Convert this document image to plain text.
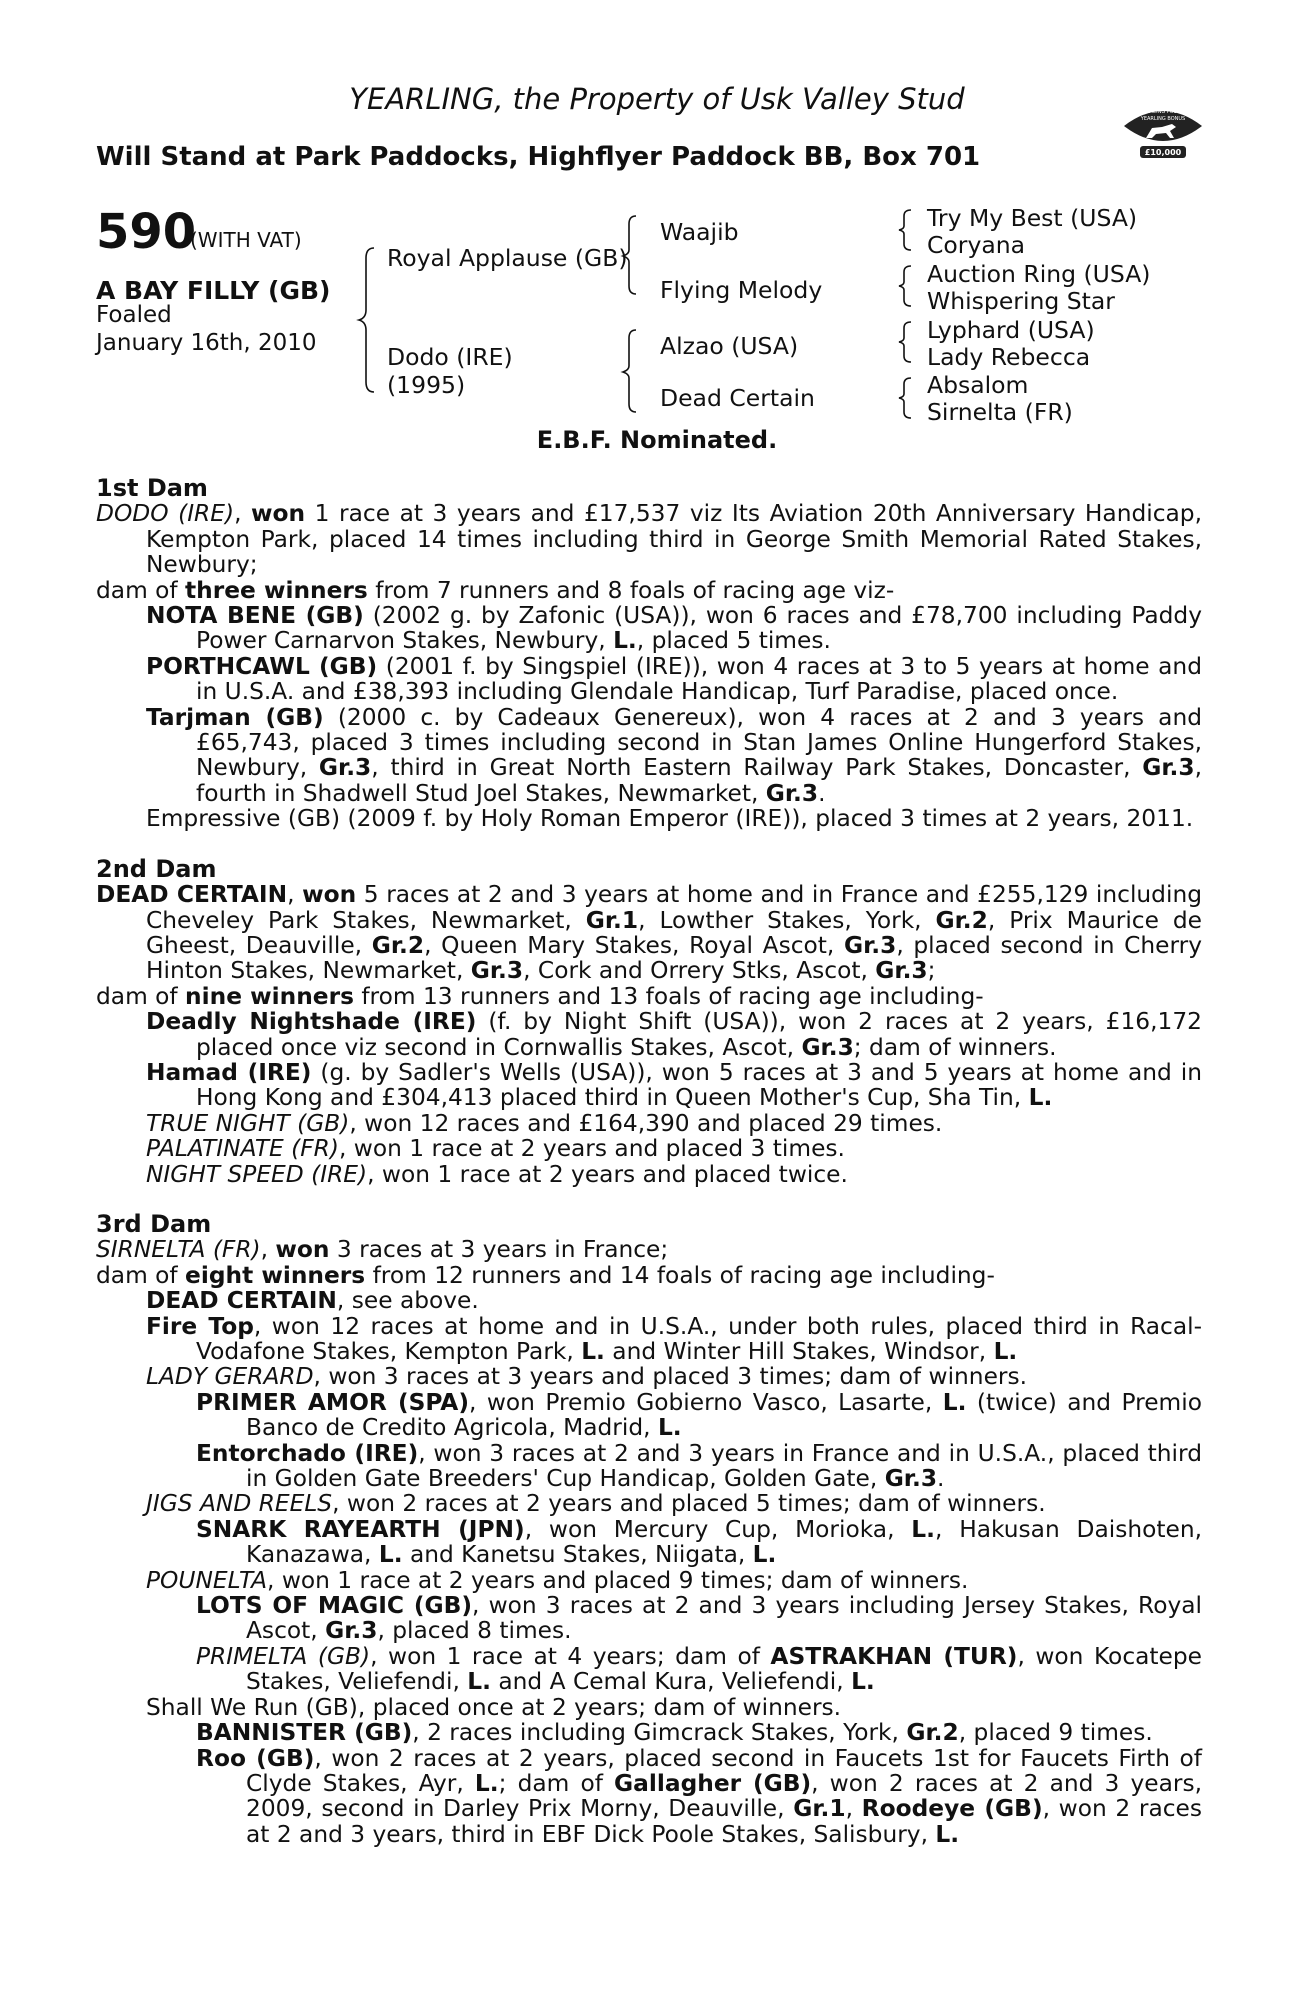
YEARLING, the Property of Usk Valley Stud
Will Stand at Park Paddocks, Highflyer Paddock BB, Box 701
RACING POST
YEARLING BONUS
£10,000
590
(WITH VAT)
A BAY FILLY (GB)
Foaled
January 16th, 2010
Royal Applause (GB)
Dodo (IRE)
(1995)
Waajib
Flying Melody
Alzao (USA)
Dead Certain
Try My Best (USA)
Coryana
Auction Ring (USA)
Whispering Star
Lyphard (USA)
Lady Rebecca
Absalom
Sirnelta (FR)
E.B.F. Nominated.
1st Dam
DODO (IRE), won 1 race at 3 years and £17,537 viz Its Aviation 20th Anniversary Handicap, Kempton Park, placed 14 times including third in George Smith Memorial Rated Stakes, Newbury;
dam of three winners from 7 runners and 8 foals of racing age viz-
NOTA BENE (GB) (2002 g. by Zafonic (USA)), won 6 races and £78,700 including Paddy Power Carnarvon Stakes, Newbury, L., placed 5 times.
PORTHCAWL (GB) (2001 f. by Singspiel (IRE)), won 4 races at 3 to 5 years at home and in U.S.A. and £38,393 including Glendale Handicap, Turf Paradise, placed once.
Tarjman (GB) (2000 c. by Cadeaux Genereux), won 4 races at 2 and 3 years and £65,743, placed 3 times including second in Stan James Online Hungerford Stakes, Newbury, Gr.3, third in Great North Eastern Railway Park Stakes, Doncaster, Gr.3, fourth in Shadwell Stud Joel Stakes, Newmarket, Gr.3.
Empressive (GB) (2009 f. by Holy Roman Emperor (IRE)), placed 3 times at 2 years, 2011.
2nd Dam
DEAD CERTAIN, won 5 races at 2 and 3 years at home and in France and £255,129 including Cheveley Park Stakes, Newmarket, Gr.1, Lowther Stakes, York, Gr.2, Prix Maurice de Gheest, Deauville, Gr.2, Queen Mary Stakes, Royal Ascot, Gr.3, placed second in Cherry Hinton Stakes, Newmarket, Gr.3, Cork and Orrery Stks, Ascot, Gr.3;
dam of nine winners from 13 runners and 13 foals of racing age including-
Deadly Nightshade (IRE) (f. by Night Shift (USA)), won 2 races at 2 years, £16,172 placed once viz second in Cornwallis Stakes, Ascot, Gr.3; dam of winners.
Hamad (IRE) (g. by Sadler's Wells (USA)), won 5 races at 3 and 5 years at home and in Hong Kong and £304,413 placed third in Queen Mother's Cup, Sha Tin, L.
TRUE NIGHT (GB), won 12 races and £164,390 and placed 29 times.
PALATINATE (FR), won 1 race at 2 years and placed 3 times.
NIGHT SPEED (IRE), won 1 race at 2 years and placed twice.
3rd Dam
SIRNELTA (FR), won 3 races at 3 years in France;
dam of eight winners from 12 runners and 14 foals of racing age including-
DEAD CERTAIN, see above.
Fire Top, won 12 races at home and in U.S.A., under both rules, placed third in Racal-Vodafone Stakes, Kempton Park, L. and Winter Hill Stakes, Windsor, L.
LADY GERARD, won 3 races at 3 years and placed 3 times; dam of winners.
PRIMER AMOR (SPA), won Premio Gobierno Vasco, Lasarte, L. (twice) and Premio Banco de Credito Agricola, Madrid, L.
Entorchado (IRE), won 3 races at 2 and 3 years in France and in U.S.A., placed third in Golden Gate Breeders' Cup Handicap, Golden Gate, Gr.3.
JIGS AND REELS, won 2 races at 2 years and placed 5 times; dam of winners.
SNARK RAYEARTH (JPN), won Mercury Cup, Morioka, L., Hakusan Daishoten, Kanazawa, L. and Kanetsu Stakes, Niigata, L.
POUNELTA, won 1 race at 2 years and placed 9 times; dam of winners.
LOTS OF MAGIC (GB), won 3 races at 2 and 3 years including Jersey Stakes, Royal Ascot, Gr.3, placed 8 times.
PRIMELTA (GB), won 1 race at 4 years; dam of ASTRAKHAN (TUR), won Kocatepe Stakes, Veliefendi, L. and A Cemal Kura, Veliefendi, L.
Shall We Run (GB), placed once at 2 years; dam of winners.
BANNISTER (GB), 2 races including Gimcrack Stakes, York, Gr.2, placed 9 times.
Roo (GB), won 2 races at 2 years, placed second in Faucets 1st for Faucets Firth of Clyde Stakes, Ayr, L.; dam of Gallagher (GB), won 2 races at 2 and 3 years, 2009, second in Darley Prix Morny, Deauville, Gr.1, Roodeye (GB), won 2 races at 2 and 3 years, third in EBF Dick Poole Stakes, Salisbury, L.
